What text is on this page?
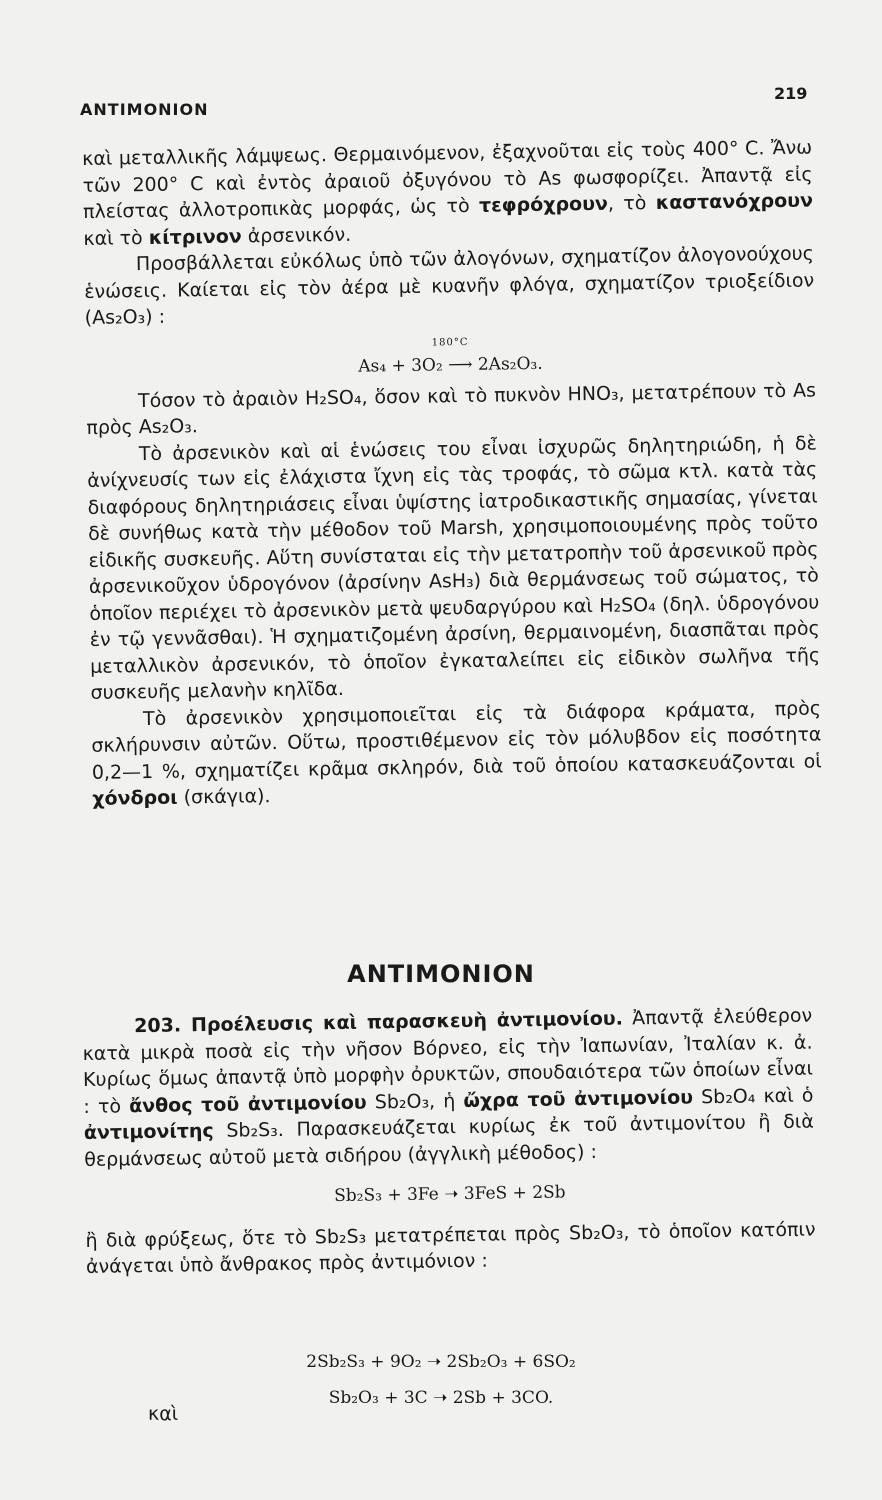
ΑΝΤΙΜΟΝΙΟΝ
219

καὶ μεταλλικῆς λάμψεως. Θερμαινόμενον, ἐξαχνοῦται εἰς τοὺς 400° C. Ἄνω τῶν 200° C καὶ ἐντὸς ἀραιοῦ ὀξυγόνου τὸ As φωσφορίζει. Ἀπαντᾷ εἰς πλείστας ἀλλοτροπικὰς μορφάς, ὡς τὸ τεφρόχρουν, τὸ καστανόχρουν καὶ τὸ κίτρινον ἀρσενικόν.

Προσβάλλεται εὐκόλως ὑπὸ τῶν ἀλογόνων, σχηματίζον ἀλογονούχους ἑνώσεις. Καίεται εἰς τὸν ἀέρα μὲ κυανῆν φλόγα, σχηματίζον τριοξείδιον (As₂O₃) :

180°C
As₄ + 3O₂ ⟶ 2As₂O₃.

Τόσον τὸ ἀραιὸν H₂SO₄, ὅσον καὶ τὸ πυκνὸν HNO₃, μετατρέπουν τὸ As πρὸς As₂O₃.

Τὸ ἀρσενικὸν καὶ αἱ ἑνώσεις του εἶναι ἰσχυρῶς δηλητηριώδη, ἡ δὲ ἀνίχνευσίς των εἰς ἐλάχιστα ἴχνη εἰς τὰς τροφάς, τὸ σῶμα κτλ. κατὰ τὰς διαφόρους δηλητηριάσεις εἶναι ὑψίστης ἰατροδικαστικῆς σημασίας, γίνεται δὲ συνήθως κατὰ τὴν μέθοδον τοῦ Marsh, χρησιμοποιουμένης πρὸς τοῦτο εἰδικῆς συσκευῆς. Αὕτη συνίσταται εἰς τὴν μετατροπὴν τοῦ ἀρσενικοῦ πρὸς ἀρσενικοῦχον ὑδρογόνον (ἀρσίνην AsH₃) διὰ θερμάνσεως τοῦ σώματος, τὸ ὁποῖον περιέχει τὸ ἀρσενικὸν μετὰ ψευδαργύρου καὶ H₂SO₄ (δηλ. ὑδρογόνου ἐν τῷ γεννᾶσθαι). Ἡ σχηματιζομένη ἀρσίνη, θερμαινομένη, διασπᾶται πρὸς μεταλλικὸν ἀρσενικόν, τὸ ὁποῖον ἐγκαταλείπει εἰς εἰδικὸν σωλῆνα τῆς συσκευῆς μελανὴν κηλῖδα.

Τὸ ἀρσενικὸν χρησιμοποιεῖται εἰς τὰ διάφορα κράματα, πρὸς σκλήρυνσιν αὐτῶν. Οὕτω, προστιθέμενον εἰς τὸν μόλυβδον εἰς ποσότητα 0,2—1 %, σχηματίζει κρᾶμα σκληρόν, διὰ τοῦ ὁποίου κατασκευάζονται οἱ χόνδροι (σκάγια).

ΑΝΤΙΜΟΝΙΟΝ

203. Προέλευσις καὶ παρασκευὴ ἀντιμονίου. Ἀπαντᾷ ἐλεύθερον κατὰ μικρὰ ποσὰ εἰς τὴν νῆσον Βόρνεο, εἰς τὴν Ἰαπωνίαν, Ἰταλίαν κ. ἀ. Κυρίως ὅμως ἀπαντᾷ ὑπὸ μορφὴν ὀρυκτῶν, σπουδαιότερα τῶν ὁποίων εἶναι : τὸ ἄνθος τοῦ ἀντιμονίου Sb₂O₃, ἡ ὤχρα τοῦ ἀντιμονίου Sb₂O₄ καὶ ὁ ἀντιμονίτης Sb₂S₃. Παρασκευάζεται κυρίως ἐκ τοῦ ἀντιμονίτου ἢ διὰ θερμάνσεως αὐτοῦ μετὰ σιδήρου (ἀγγλικὴ μέθοδος) :

Sb₂S₃ + 3Fe ➝ 3FeS + 2Sb

ἢ διὰ φρύξεως, ὅτε τὸ Sb₂S₃ μετατρέπεται πρὸς Sb₂O₃, τὸ ὁποῖον κατόπιν ἀνάγεται ὑπὸ ἄνθρακος πρὸς ἀντιμόνιον :

2Sb₂S₃ + 9O₂ ➝ 2Sb₂O₃ + 6SO₂
καὶ
Sb₂O₃ + 3C ➝ 2Sb + 3CO.
